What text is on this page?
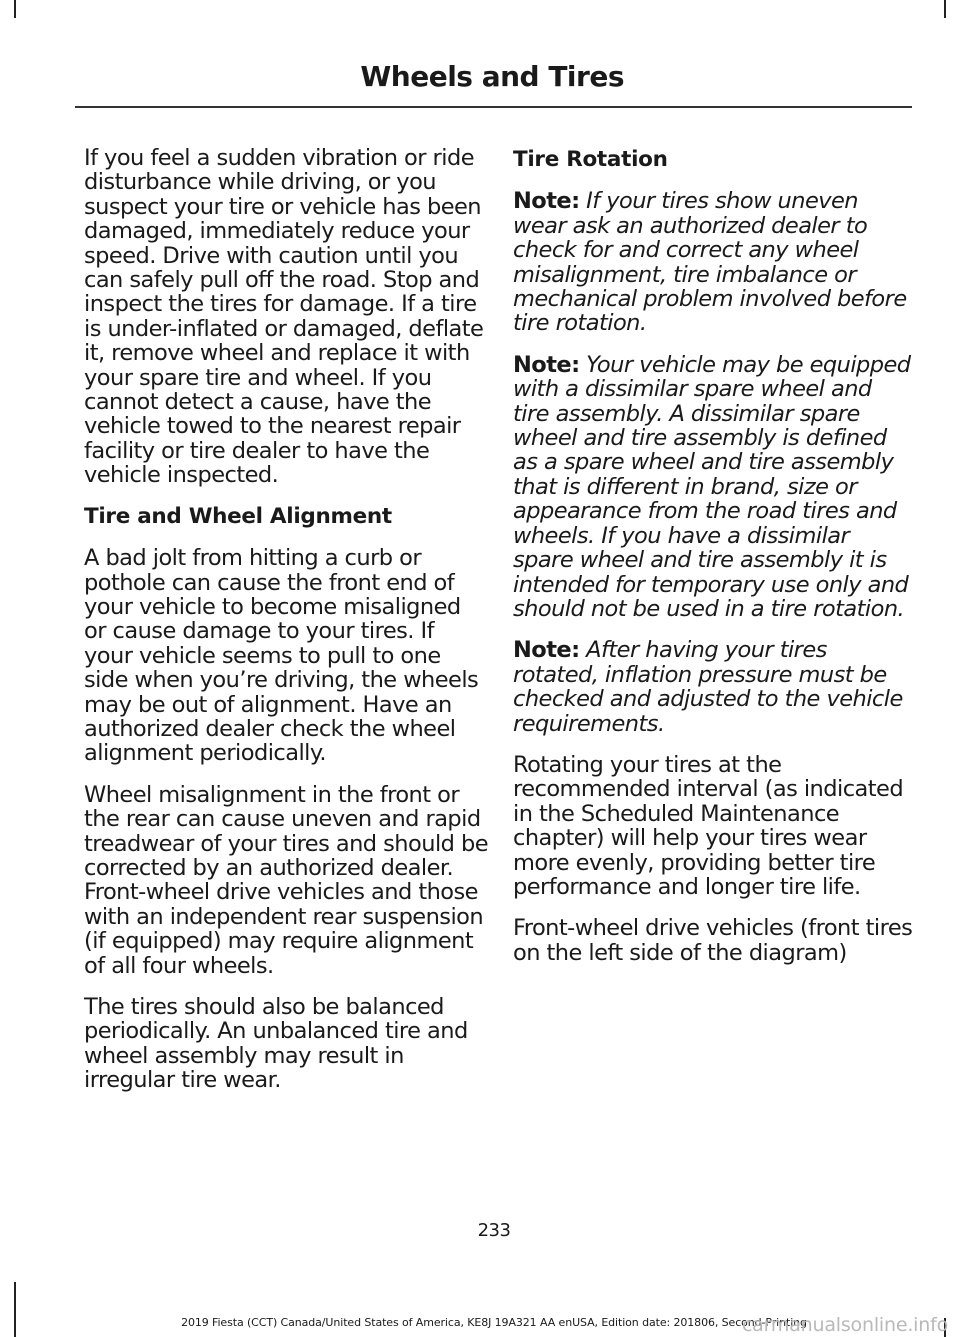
Wheels and Tires

If you feel a sudden vibration or ride disturbance while driving, or you suspect your tire or vehicle has been damaged, immediately reduce your speed. Drive with caution until you can safely pull off the road. Stop and inspect the tires for damage. If a tire is under-inflated or damaged, deflate it, remove wheel and replace it with your spare tire and wheel. If you cannot detect a cause, have the vehicle towed to the nearest repair facility or tire dealer to have the vehicle inspected.

Tire and Wheel Alignment

A bad jolt from hitting a curb or pothole can cause the front end of your vehicle to become misaligned or cause damage to your tires. If your vehicle seems to pull to one side when you’re driving, the wheels may be out of alignment. Have an authorized dealer check the wheel alignment periodically.

Wheel misalignment in the front or the rear can cause uneven and rapid treadwear of your tires and should be corrected by an authorized dealer. Front-wheel drive vehicles and those with an independent rear suspension (if equipped) may require alignment of all four wheels.

The tires should also be balanced periodically. An unbalanced tire and wheel assembly may result in irregular tire wear.

Tire Rotation

Note: If your tires show uneven wear ask an authorized dealer to check for and correct any wheel misalignment, tire imbalance or mechanical problem involved before tire rotation.

Note: Your vehicle may be equipped with a dissimilar spare wheel and tire assembly. A dissimilar spare wheel and tire assembly is defined as a spare wheel and tire assembly that is different in brand, size or appearance from the road tires and wheels. If you have a dissimilar spare wheel and tire assembly it is intended for temporary use only and should not be used in a tire rotation.

Note: After having your tires rotated, inflation pressure must be checked and adjusted to the vehicle requirements.

Rotating your tires at the recommended interval (as indicated in the Scheduled Maintenance chapter) will help your tires wear more evenly, providing better tire performance and longer tire life.

Front-wheel drive vehicles (front tires on the left side of the diagram)

233

2019 Fiesta (CCT) Canada/United States of America, KE8J 19A321 AA enUSA, Edition date: 201806, Second-Printing

carmanualsonline.info
